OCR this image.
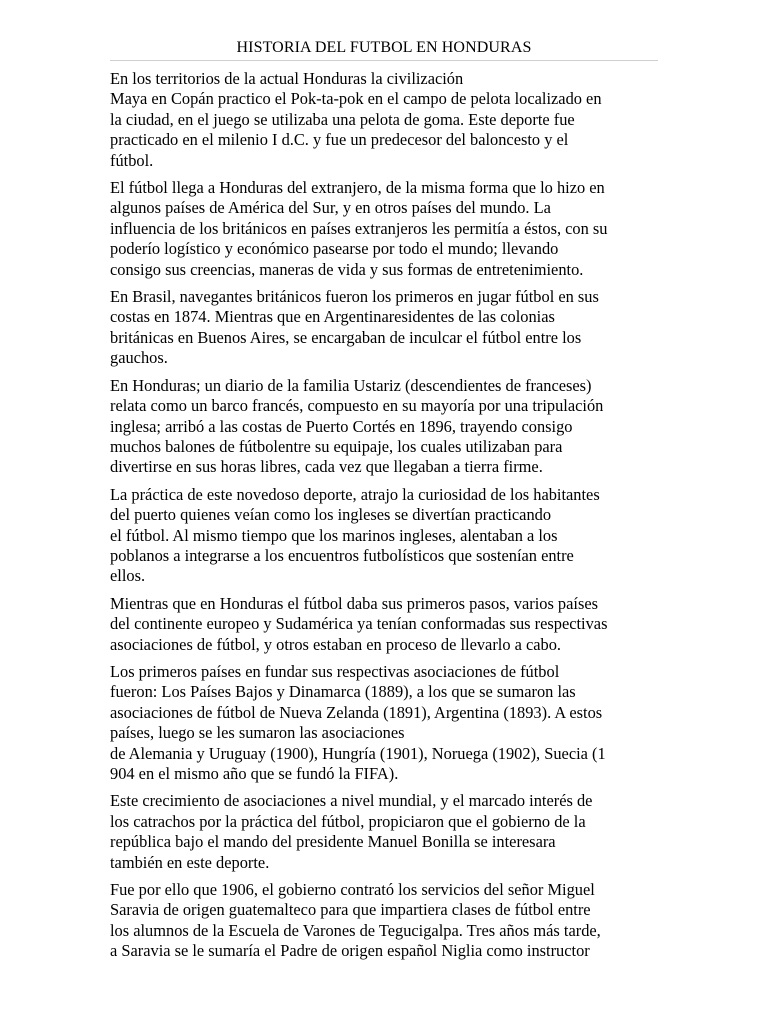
HISTORIA DEL FUTBOL EN HONDURAS

En los territorios de la actual Honduras la civilización
Maya en Copán practico el Pok-ta-pok en el campo de pelota localizado en
la ciudad, en el juego se utilizaba una pelota de goma. Este deporte fue
practicado en el milenio I d.C. y fue un predecesor del baloncesto y el
fútbol.

El fútbol llega a Honduras del extranjero, de la misma forma que lo hizo en
algunos países de América del Sur, y en otros países del mundo. La
influencia de los británicos en países extranjeros les permitía a éstos, con su
poderío logístico y económico pasearse por todo el mundo; llevando
consigo sus creencias, maneras de vida y sus formas de entretenimiento.

En Brasil, navegantes británicos fueron los primeros en jugar fútbol en sus
costas en 1874. Mientras que en Argentinaresidentes de las colonias
británicas en Buenos Aires, se encargaban de inculcar el fútbol entre los
gauchos.

En Honduras; un diario de la familia Ustariz (descendientes de franceses)
relata como un barco francés, compuesto en su mayoría por una tripulación
inglesa; arribó a las costas de Puerto Cortés en 1896, trayendo consigo
muchos balones de fútbolentre su equipaje, los cuales utilizaban para
divertirse en sus horas libres, cada vez que llegaban a tierra firme.

La práctica de este novedoso deporte, atrajo la curiosidad de los habitantes
del puerto quienes veían como los ingleses se divertían practicando
el fútbol. Al mismo tiempo que los marinos ingleses, alentaban a los
poblanos a integrarse a los encuentros futbolísticos que sostenían entre
ellos.

Mientras que en Honduras el fútbol daba sus primeros pasos, varios países
del continente europeo y Sudamérica ya tenían conformadas sus respectivas
asociaciones de fútbol, y otros estaban en proceso de llevarlo a cabo.

Los primeros países en fundar sus respectivas asociaciones de fútbol
fueron: Los Países Bajos y Dinamarca (1889), a los que se sumaron las
asociaciones de fútbol de Nueva Zelanda (1891), Argentina (1893). A estos
países, luego se les sumaron las asociaciones
de Alemania y Uruguay (1900), Hungría (1901), Noruega (1902), Suecia (1
904 en el mismo año que se fundó la FIFA).

Este crecimiento de asociaciones a nivel mundial, y el marcado interés de
los catrachos por la práctica del fútbol, propiciaron que el gobierno de la
república bajo el mando del presidente Manuel Bonilla se interesara
también en este deporte.

Fue por ello que 1906, el gobierno contrató los servicios del señor Miguel
Saravia de origen guatemalteco para que impartiera clases de fútbol entre
los alumnos de la Escuela de Varones de Tegucigalpa. Tres años más tarde,
a Saravia se le sumaría el Padre de origen español Niglia como instructor
